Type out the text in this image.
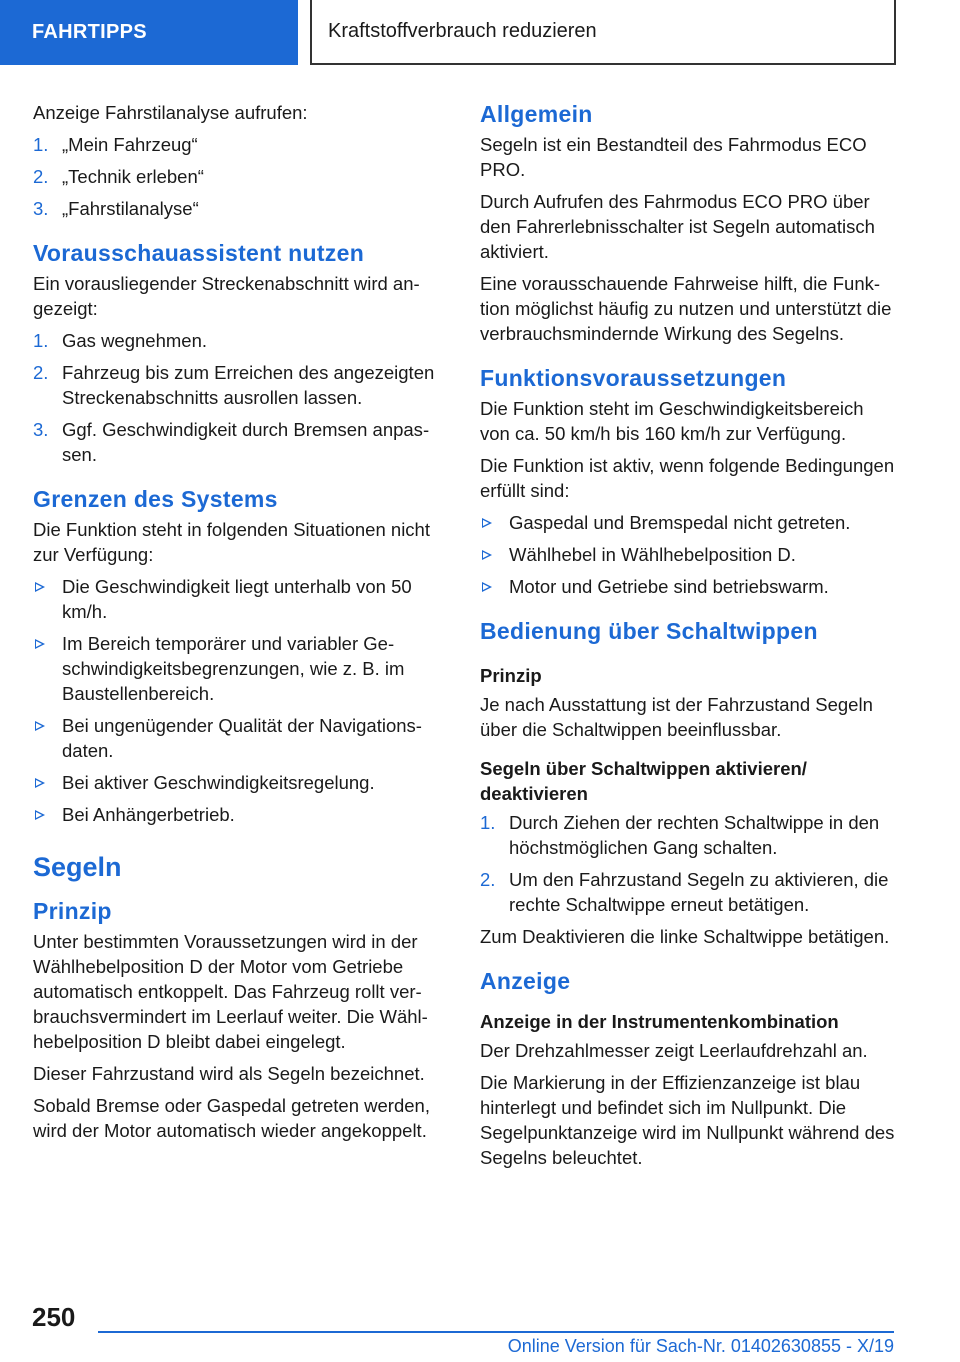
FAHRTIPPS	Kraftstoffverbrauch reduzieren

Anzeige Fahrstilanalyse aufrufen:

1. „Mein Fahrzeug“
2. „Technik erleben“
3. „Fahrstilanalyse“
Vorausschauassistent nutzen

Ein vorausliegender Streckenabschnitt wird angezeigt:

1. Gas wegnehmen.
2. Fahrzeug bis zum Erreichen des angezeigten Streckenabschnitts ausrollen lassen.
3. Ggf. Geschwindigkeit durch Bremsen anpassen.
Grenzen des Systems

Die Funktion steht in folgenden Situationen nicht zur Verfügung:

Die Geschwindigkeit liegt unterhalb von 50 km/h.
Im Bereich temporärer und variabler Geschwindigkeitsbegrenzungen, wie z. B. im Baustellenbereich.
Bei ungenügender Qualität der Navigationsdaten.
Bei aktiver Geschwindigkeitsregelung.
Bei Anhängerbetrieb.
Segeln
Prinzip

Unter bestimmten Voraussetzungen wird in der Wählhebelposition D der Motor vom Getriebe automatisch entkoppelt. Das Fahrzeug rollt verbrauchsvermindert im Leerlauf weiter. Die Wählhebelposition D bleibt dabei eingelegt.

Dieser Fahrzustand wird als Segeln bezeichnet.

Sobald Bremse oder Gaspedal getreten werden, wird der Motor automatisch wieder angekoppelt.

Allgemein

Segeln ist ein Bestandteil des Fahrmodus ECO PRO.

Durch Aufrufen des Fahrmodus ECO PRO über den Fahrerlebnisschalter ist Segeln automatisch aktiviert.

Eine vorausschauende Fahrweise hilft, die Funktion möglichst häufig zu nutzen und unterstützt die verbrauchsmindernde Wirkung des Segelns.

Funktionsvoraussetzungen

Die Funktion steht im Geschwindigkeitsbereich von ca. 50 km/h bis 160 km/h zur Verfügung.

Die Funktion ist aktiv, wenn folgende Bedingungen erfüllt sind:

Gaspedal und Bremspedal nicht getreten.
Wählhebel in Wählhebelposition D.
Motor und Getriebe sind betriebswarm.
Bedienung über Schaltwippen
Prinzip

Je nach Ausstattung ist der Fahrzustand Segeln über die Schaltwippen beeinflussbar.

Segeln über Schaltwippen aktivieren/ deaktivieren
1. Durch Ziehen der rechten Schaltwippe in den höchstmöglichen Gang schalten.
2. Um den Fahrzustand Segeln zu aktivieren, die rechte Schaltwippe erneut betätigen.

Zum Deaktivieren die linke Schaltwippe betätigen.

Anzeige
Anzeige in der Instrumentenkombination

Der Drehzahlmesser zeigt Leerlaufdrehzahl an.

Die Markierung in der Effizienzanzeige ist blau hinterlegt und befindet sich im Nullpunkt. Die Segelpunktanzeige wird im Nullpunkt während des Segelns beleuchtet.

250
Online Version für Sach-Nr. 01402630855 - X/19
